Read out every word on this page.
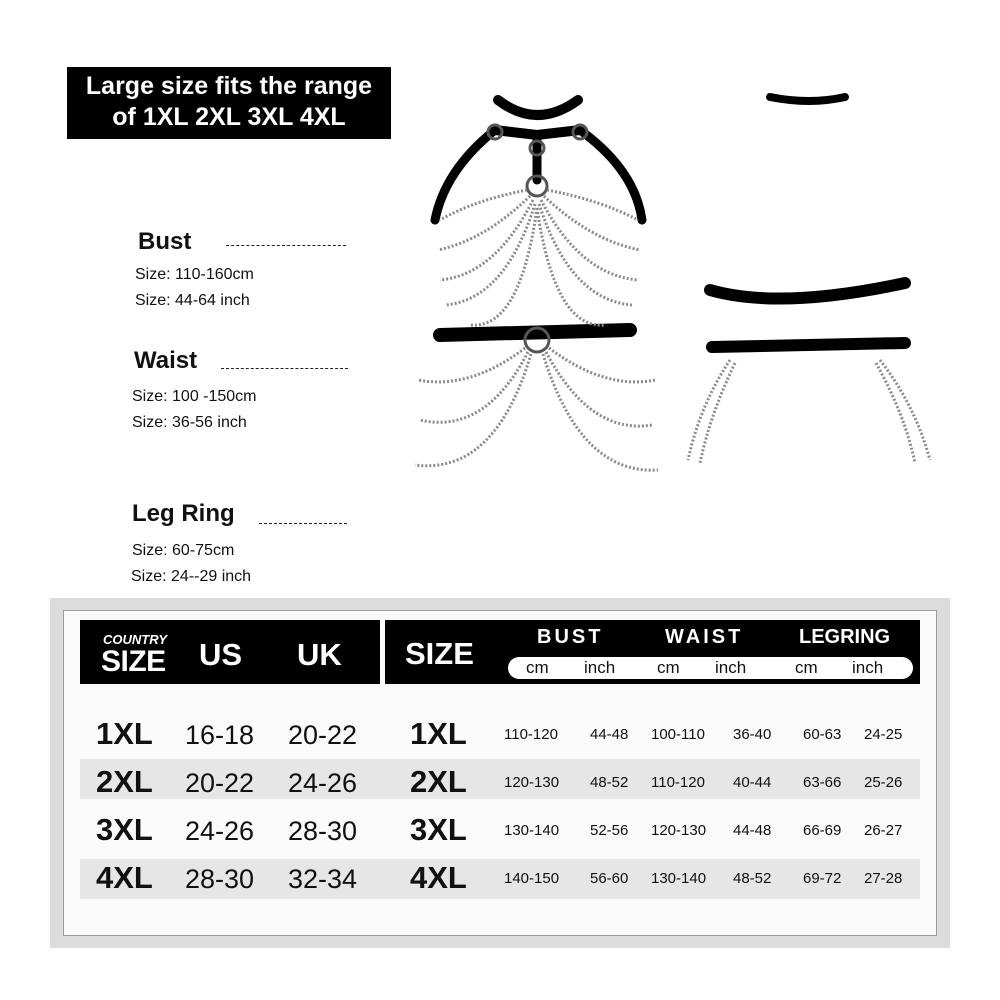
Large size fits the range
of 1XL 2XL 3XL 4XL
Bust
Size: 110-160cm
Size: 44-64 inch
Waist
Size: 100 -150cm
Size: 36-56 inch
Leg Ring
Size: 60-75cm
Size: 24--29 inch
COUNTRY
SIZE US UK SIZE	BUST	WAIST	LEGRING
cm inch cm inch	cm inch
1XL 16-18 20-22 1XL 110-120 44-48 100-110 36-40 60-63 24-25
2XL 20-22 24-26 2XL 120-130 48-52 110-120 40-44 63-66 25-26
3XL 24-26 28-30 3XL 130-140 52-56 120-130 44-48 66-69 26-27
4XL 28-30 32-34 4XL 140-150 56-60 130-140 48-52 69-72 27-28
